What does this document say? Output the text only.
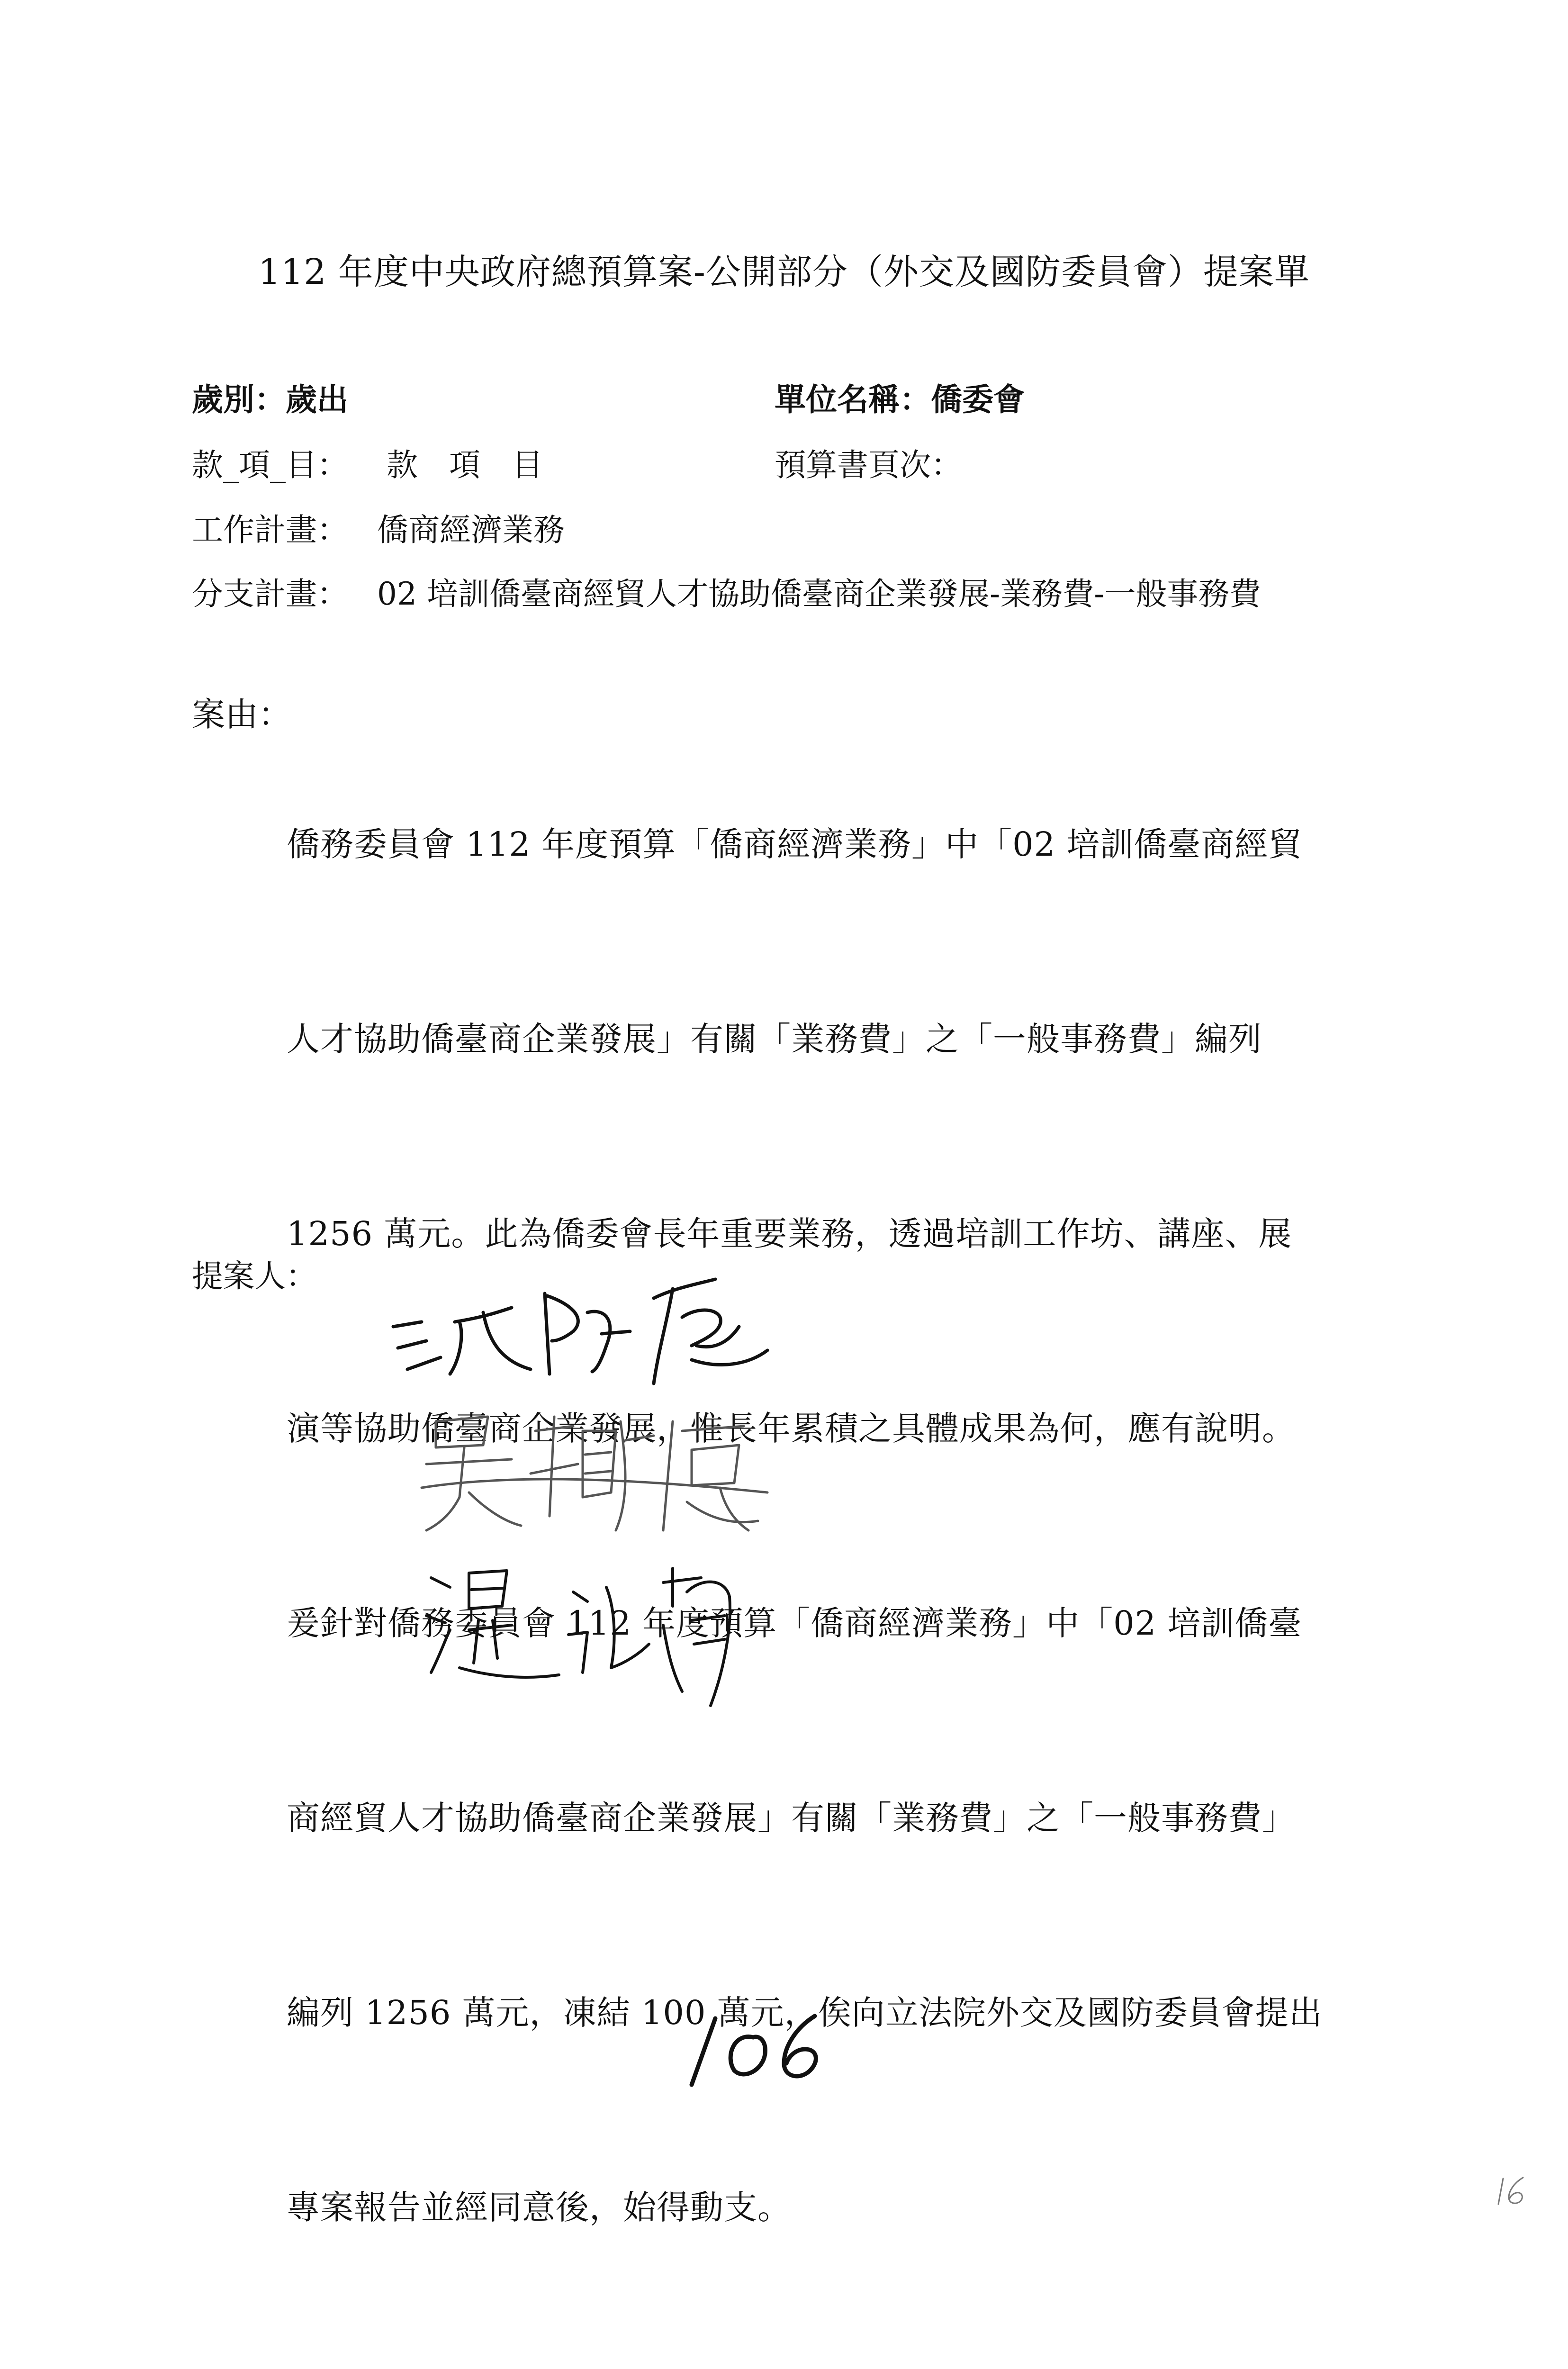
112 年度中央政府總預算案-公開部分（外交及國防委員會）提案單
歲別：歲出	單位名稱：僑委會
款_項_目： 款　項　目	預算書頁次：
工作計畫： 僑商經濟業務
分支計畫： 02 培訓僑臺商經貿人才協助僑臺商企業發展-業務費-一般事務費
案由：

僑務委員會 112 年度預算「僑商經濟業務」中「02 培訓僑臺商經貿

人才協助僑臺商企業發展」有關「業務費」之「一般事務費」編列

1256 萬元。此為僑委會長年重要業務，透過培訓工作坊、講座、展

演等協助僑臺商企業發展，惟長年累積之具體成果為何，應有說明。

爰針對僑務委員會 112 年度預算「僑商經濟業務」中「02 培訓僑臺

商經貿人才協助僑臺商企業發展」有關「業務費」之「一般事務費」

編列 1256 萬元，凍結 100 萬元，俟向立法院外交及國防委員會提出

專案報告並經同意後，始得動支。

提案人：
